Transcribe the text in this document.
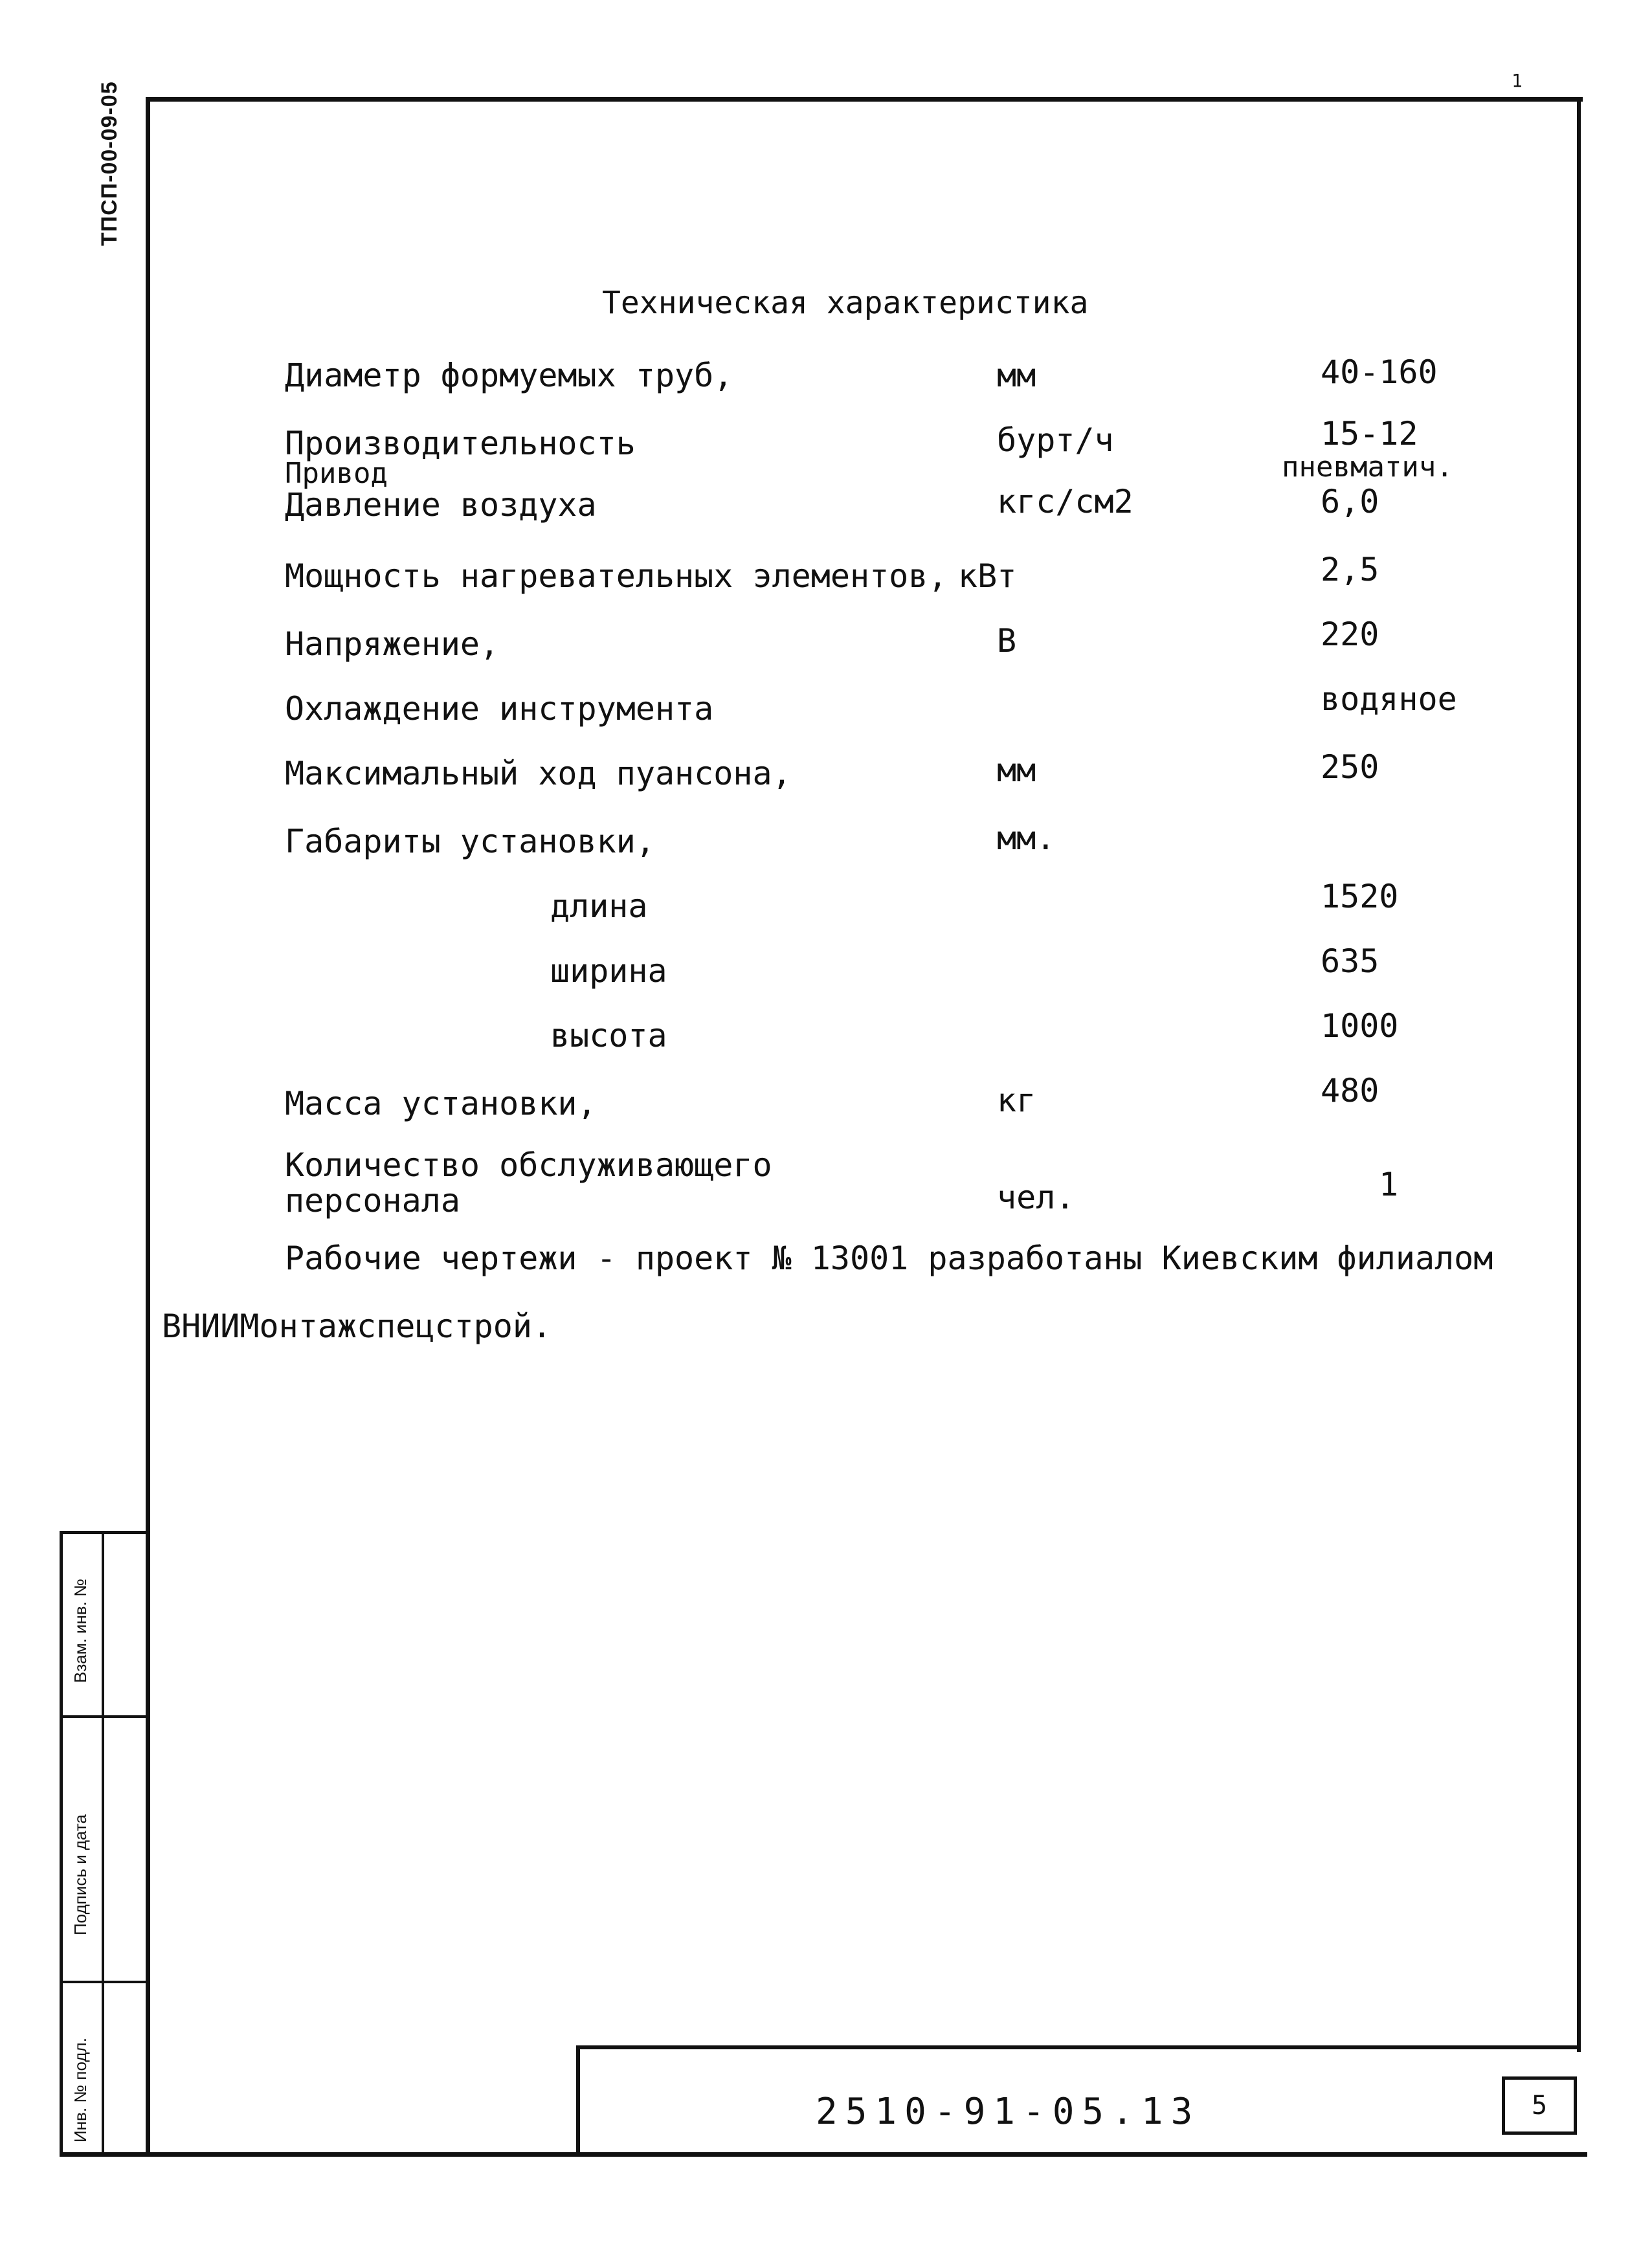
1
ТПСП-00-09-05
Взам. инв. №
Подпись и дата
Инв. № подл.
Техническая характеристика
Диаметр формуемых труб,	мм	40-160
Производительность	бурт/ч	15-12
Привод	пневматич.
Давление воздуха	кгс/см2	6,0
Мощность нагревательных элементов, кВт	2,5
Напряжение,	В	220
Охлаждение инструмента	водяное
Максимальный ход пуансона,	мм	250
Габариты установки,	мм.
длина	1520
ширина	635
высота	1000
Масса установки,	кг	480
Количество обслуживающего
персонала	чел.	1
Рабочие чертежи - проект № 13001 разработаны Киевским филиалом
ВНИИМонтажспецстрой.
2510-91-05.13	5
